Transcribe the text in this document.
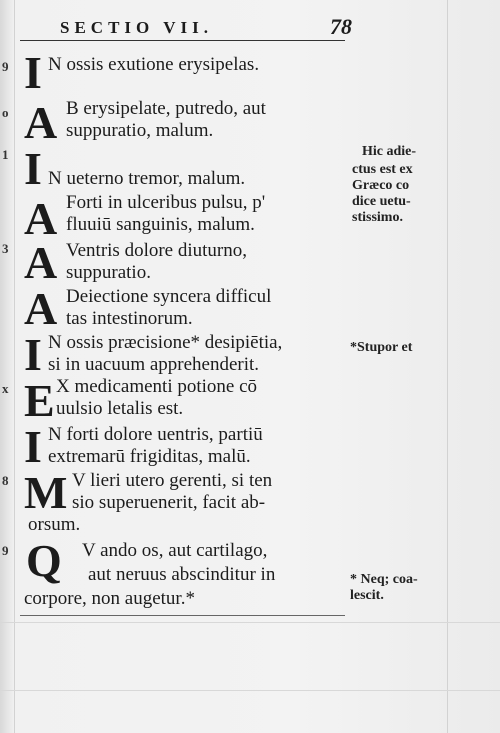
SECTIO VII.	78
9
o
1
3
x
8
9
I N ossis exutione erysipelas.
A B erysipelate, putredo, aut
suppuratio, malum.
I N ueterno tremor, malum.
A Forti in ulceribus pulsu, p'
fluuiū sanguinis, malum.
A Ventris dolore diuturno,
suppuratio.
A Deiectione syncera difficul
tas intestinorum.
I N ossis præcisione* desipiētia,
si in uacuum apprehenderit.
E X medicamenti potione cō
uulsio letalis est.
I N forti dolore uentris, partiū
extremarū frigiditas, malū.
M V lieri utero gerenti, si ten
sio superuenerit, facit ab-
orsum.
Q V ando os, aut cartilago,
aut neruus abscinditur in
corpore, non augetur.*
Hic adie-
ctus est ex
Græco co
dice uetu-
stissimo.
*Stupor et
* Neq; coa-
lescit.
